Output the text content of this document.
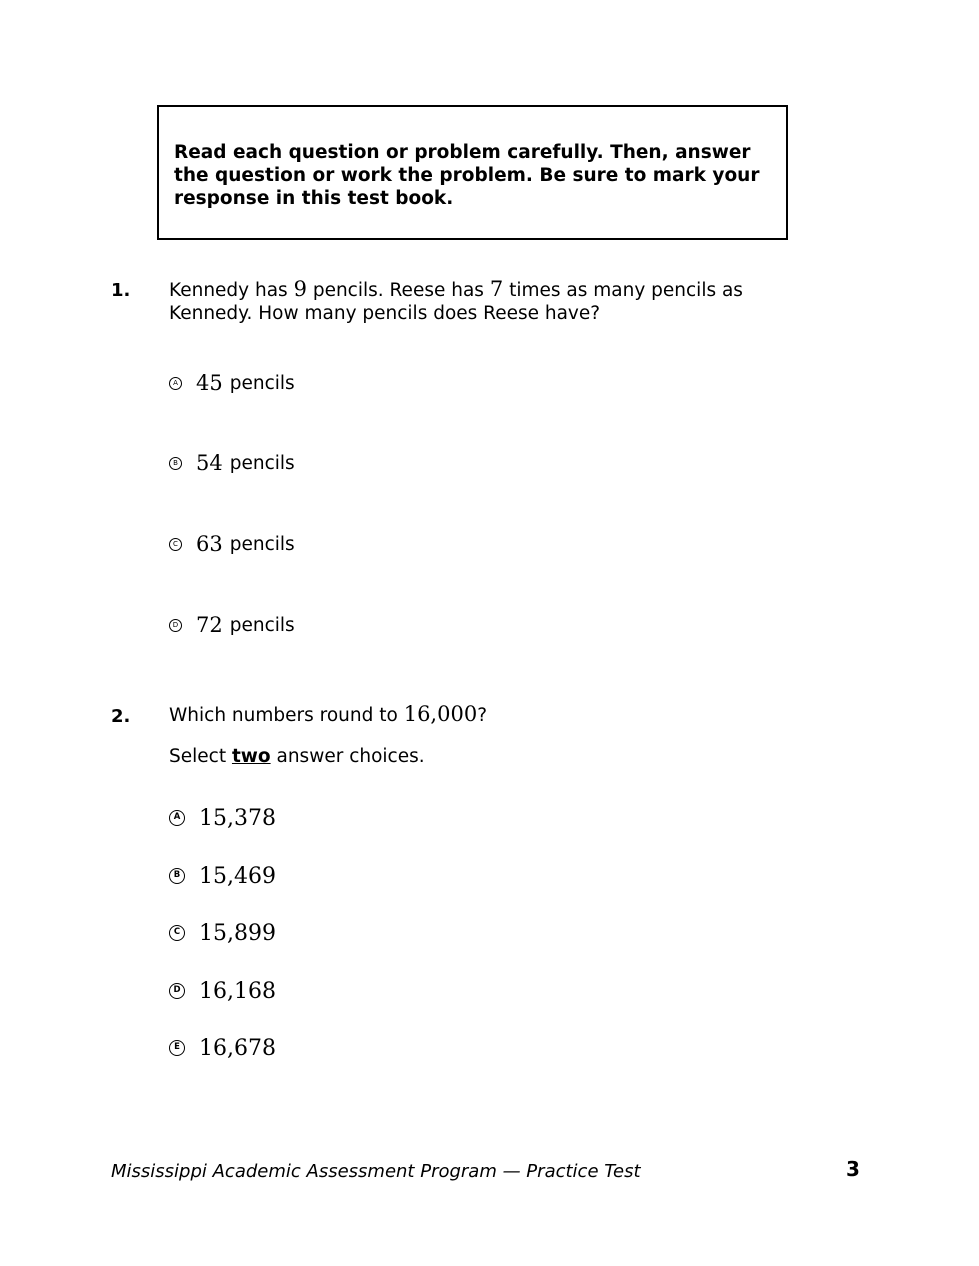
Read each question or problem carefully. Then, answer the question or work the problem. Be sure to mark your response in this test book.

1. Kennedy has 9 pencils. Reese has 7 times as many pencils as Kennedy. How many pencils does Reese have?
A 45 pencils
B 54 pencils
C 63 pencils
D 72 pencils
2. Which numbers round to 16,000?
Select two answer choices.
A 15,378
B 15,469
C 15,899
D 16,168
E 16,678
Mississippi Academic Assessment Program — Practice Test	3
